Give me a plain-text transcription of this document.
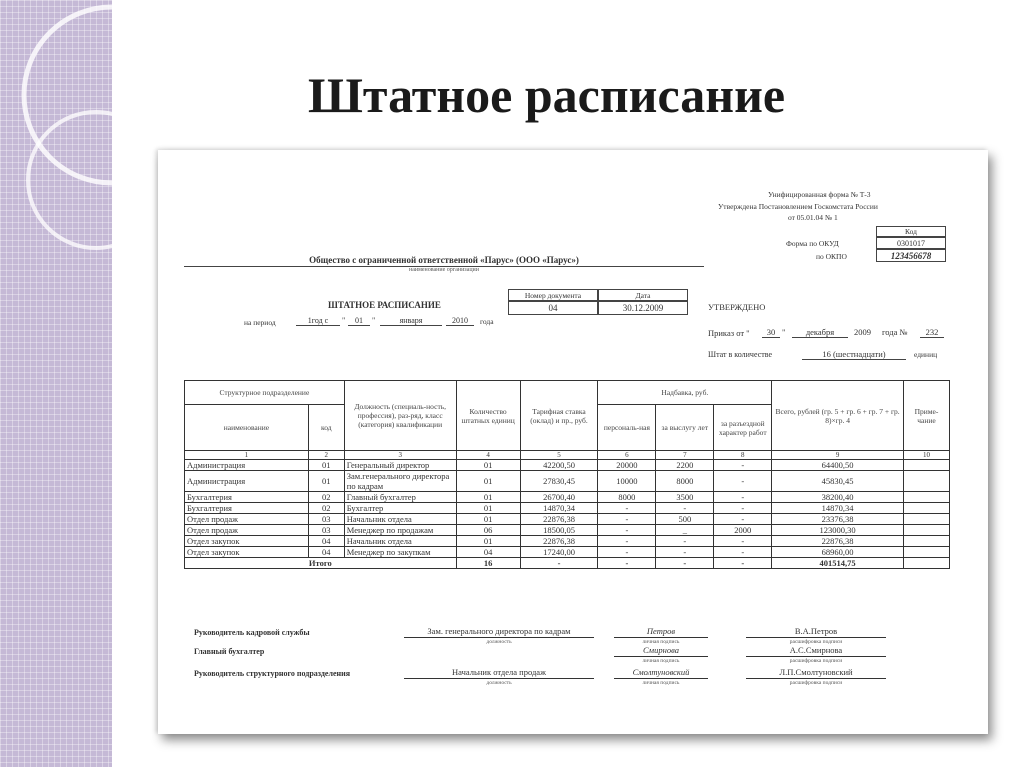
Штатное расписание
Унифицированная форма № Т-3
Утверждена Постановлением Госкомстата России
от 05.01.04 № 1
Код
Форма по ОКУД	0301017
по ОКПО	123456678
Общество с ограниченной ответственной «Парус» (ООО «Парус»)
наименование организации
Номер документа	Дата
04	30.12.2009
ШТАТНОЕ РАСПИСАНИЕ
на период	1год с	"	01	"	января	2010	года
УТВЕРЖДЕНО
Приказ от "	30 "	декабря	2009 года №	232
Штат в количестве	16 (шестнадцати)	единиц
Структурное подразделение		Должность (специаль-ность, профессия), раз-ряд, класс (категория) квалификации	Количество штатных единиц	Тарифная ставка (оклад) и пр., руб.	Надбавка, руб.			Всего, рублей (гр. 5 + гр. 6 + гр. 7 + гр. 8)×гр. 4	Приме-чание
наименование	код				персональ-ная	за выслугу лет	за разъездной характер работ		
1	2	3	4	5	6	7	8	9	10
Администрация	01	Генеральный директор	01	42200,50	20000	2200	-	64400,50	
Администрация	01	Зам.генерального директора по кадрам	01	27830,45	10000	8000	-	45830,45	
Бухгалтерия	02	Главный бухгалтер	01	26700,40	8000	3500	-	38200,40	
Бухгалтерия	02	Бухгалтер	01	14870,34	-	-	-	14870,34	
Отдел продаж	03	Начальник отдела	01	22876,38	-	500	-	23376,38	
Отдел продаж	03	Менеджер по продажам	06	18500,05	-	_	2000	123000,30	
Отдел закупок	04	Начальник отдела	01	22876,38	-	-	-	22876,38	
Отдел закупок	04	Менеджер по закупкам	04	17240,00	-	-	-	68960,00	
Итого			16	-	-	-	-	401514,75	
Руководитель кадровой службы	Зам. генерального директора по кадрам
должность
Петров
личная подпись
В.А.Петров
расшифровка подписи
Главный бухгалтер	Смирнова
личная подпись
А.С.Смирнова
расшифровка подписи
Руководитель структурного подразделения	Начальник отдела продаж
должность
Смолтуновский
личная подпись
Л.П.Смолтуновский
расшифровка подписи
